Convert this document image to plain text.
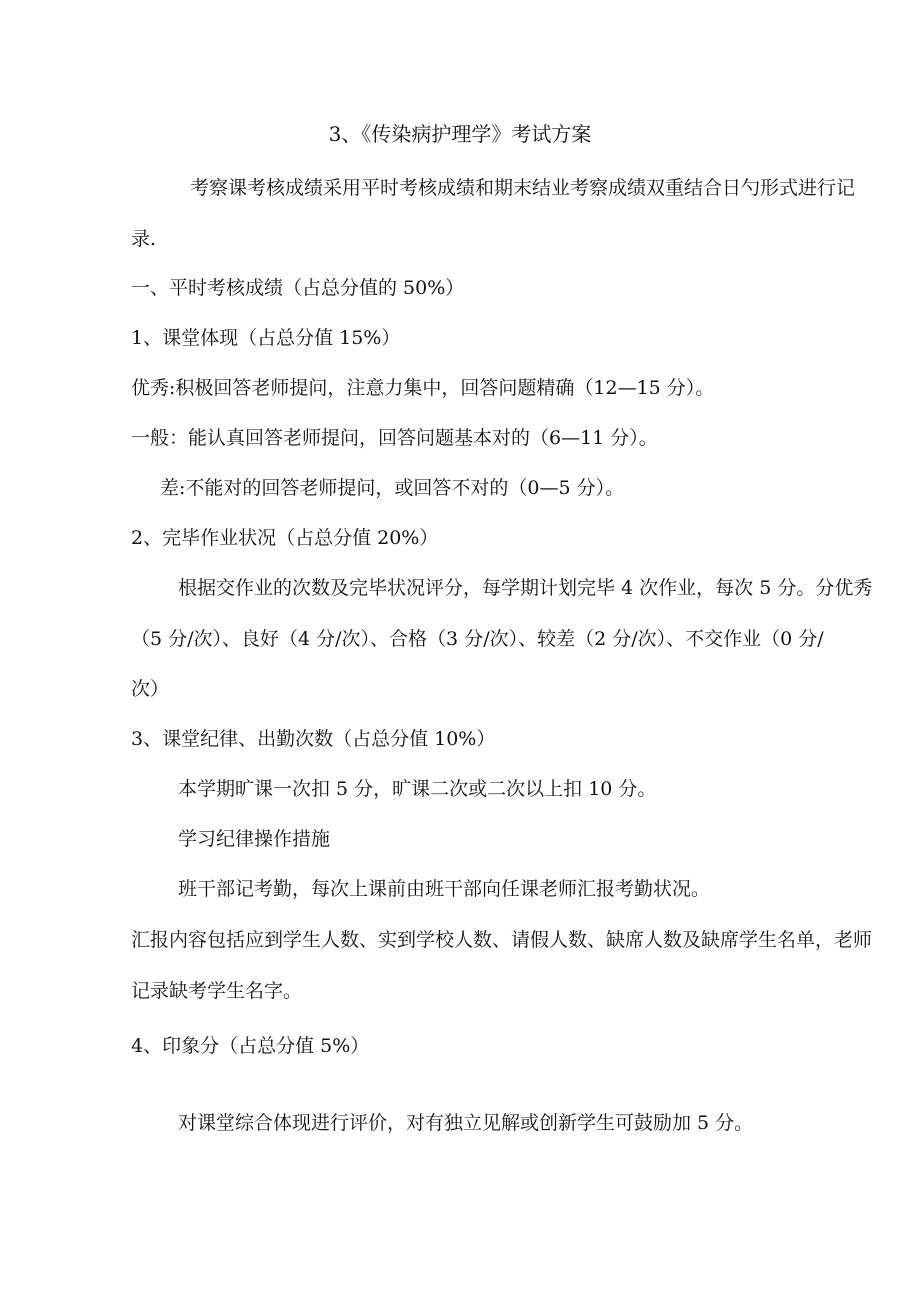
3、《传染病护理学》考试方案

考察课考核成绩采用平时考核成绩和期末结业考察成绩双重结合日勺形式进行记

录.

一、平时考核成绩（占总分值的 50%）

1、课堂体现（占总分值 15%）

优秀:积极回答老师提问，注意力集中，回答问题精确（12—15 分）。

一般：能认真回答老师提问，回答问题基本对的（6—11 分）。

差:不能对的回答老师提问，或回答不对的（0—5 分）。

2、完毕作业状况（占总分值 20%）

根据交作业的次数及完毕状况评分，每学期计划完毕 4 次作业，每次 5 分。分优秀

（5 分/次）、良好（4 分/次）、合格（3 分/次）、较差（2 分/次）、不交作业（0 分/

次）

3、课堂纪律、出勤次数（占总分值 10%）

本学期旷课一次扣 5 分，旷课二次或二次以上扣 10 分。

学习纪律操作措施

班干部记考勤，每次上课前由班干部向任课老师汇报考勤状况。

汇报内容包括应到学生人数、实到学校人数、请假人数、缺席人数及缺席学生名单，老师

记录缺考学生名字。

4、印象分（占总分值 5%）

对课堂综合体现进行评价，对有独立见解或创新学生可鼓励加 5 分。
